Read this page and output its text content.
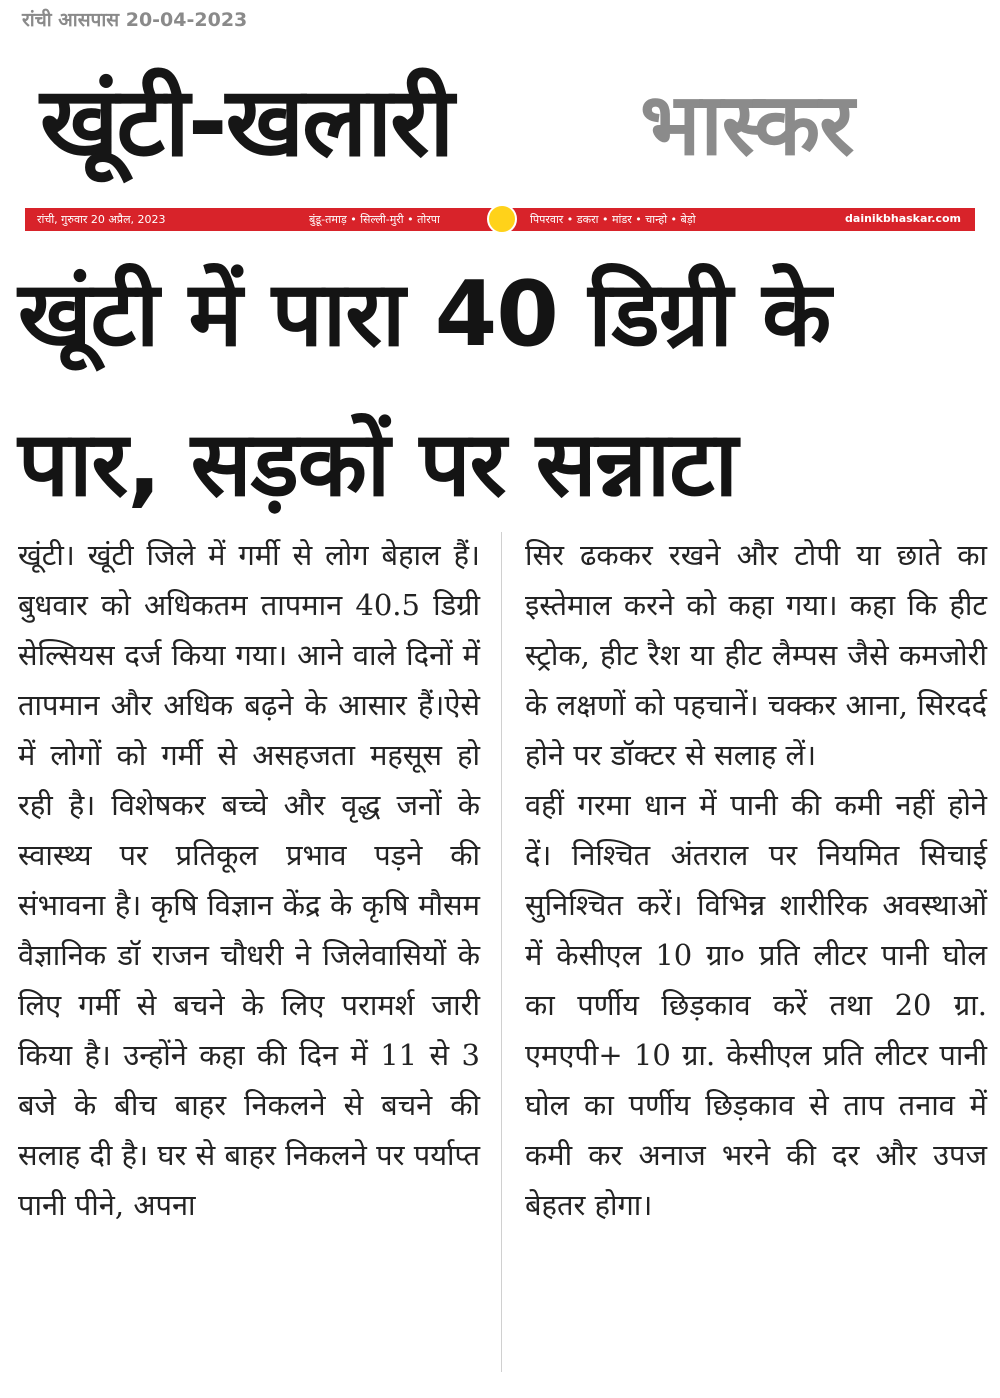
रांची आसपास 20-04-2023
खूंटी-खलारी भास्कर
रांची, गुरुवार 20 अप्रैल, 2023	बुंडू-तमाड़ • सिल्ली-मुरी • तोरपा	पिपरवार • डकरा • मांडर • चान्हो • बेड़ो	dainikbhaskar.com
खूंटी में पारा 40 डिग्री के पार, सड़कों पर सन्नाटा

खूंटी। खूंटी जिले में गर्मी से लोग बेहाल हैं। बुधवार को अधिकतम तापमान 40.5 डिग्री सेल्सियस दर्ज किया गया। आने वाले दिनों में तापमान और अधिक बढ़ने के आसार हैं।ऐसे में लोगों को गर्मी से असहजता महसूस हो रही है। विशेषकर बच्चे और वृद्ध जनों के स्वास्थ्य पर प्रतिकूल प्रभाव पड़ने की संभावना है। कृषि विज्ञान केंद्र के कृषि मौसम वैज्ञानिक डॉ राजन चौधरी ने जिलेवासियों के लिए गर्मी से बचने के लिए परामर्श जारी किया है। उन्होंने कहा की दिन में 11 से 3 बजे के बीच बाहर निकलने से बचने की सलाह दी है। घर से बाहर निकलने पर पर्याप्त पानी पीने, अपना

सिर ढककर रखने और टोपी या छाते का इस्तेमाल करने को कहा गया। कहा कि हीट स्ट्रोक, हीट रैश या हीट लैम्पस जैसे कमजोरी के लक्षणों को पहचानें। चक्कर आना, सिरदर्द होने पर डॉक्टर से सलाह लें।

वहीं गरमा धान में पानी की कमी नहीं होने दें। निश्चित अंतराल पर नियमित सिचाई सुनिश्चित करें। विभिन्न शारीरिक अवस्थाओं में केसीएल 10 ग्रा० प्रति लीटर पानी घोल का पर्णीय छिड़काव करें तथा 20 ग्रा. एमएपी+ 10 ग्रा. केसीएल प्रति लीटर पानी घोल का पर्णीय छिड़काव से ताप तनाव में कमी कर अनाज भरने की दर और उपज बेहतर होगा।
